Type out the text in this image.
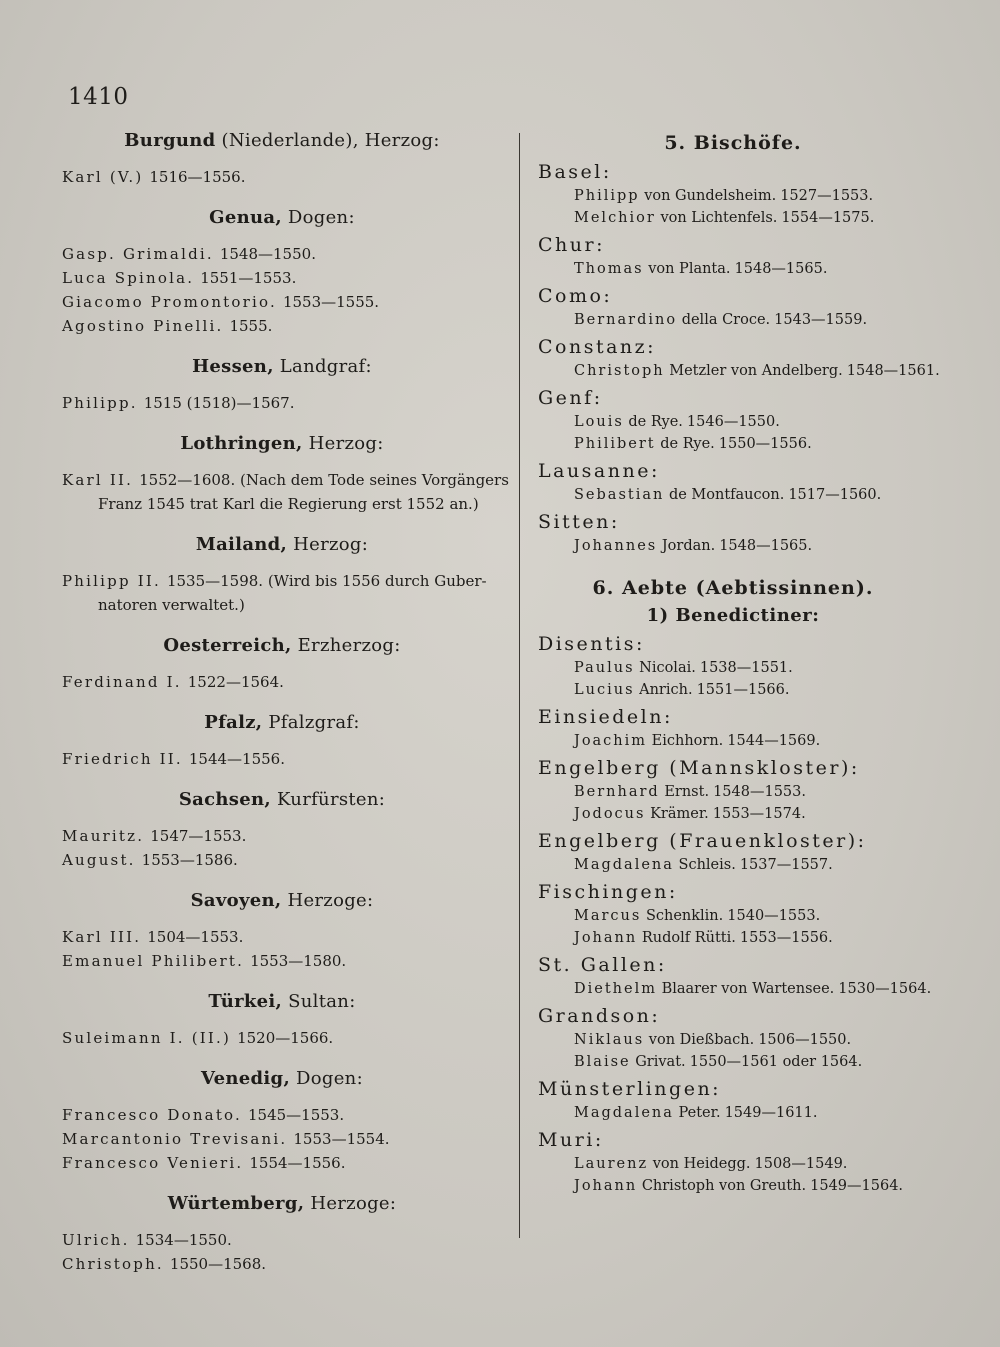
1410
Burgund (Niederlande), Herzog:
Karl (V.) 1516—1556.
Genua, Dogen:
Gasp. Grimaldi. 1548—1550.
Luca Spinola. 1551—1553.
Giacomo Promontorio. 1553—1555.
Agostino Pinelli. 1555.
Hessen, Landgraf:
Philipp. 1515 (1518)—1567.
Lothringen, Herzog:
Karl II. 1552—1608. (Nach dem Tode seines Vorgängers
Franz 1545 trat Karl die Regierung erst 1552 an.)
Mailand, Herzog:
Philipp II. 1535—1598. (Wird bis 1556 durch Guber-
natoren verwaltet.)
Oesterreich, Erzherzog:
Ferdinand I. 1522—1564.
Pfalz, Pfalzgraf:
Friedrich II. 1544—1556.
Sachsen, Kurfürsten:
Mauritz. 1547—1553.
August. 1553—1586.
Savoyen, Herzoge:
Karl III. 1504—1553.
Emanuel Philibert. 1553—1580.
Türkei, Sultan:
Suleimann I. (II.) 1520—1566.
Venedig, Dogen:
Francesco Donato. 1545—1553.
Marcantonio Trevisani. 1553—1554.
Francesco Venieri. 1554—1556.
Würtemberg, Herzoge:
Ulrich. 1534—1550.
Christoph. 1550—1568.
5. Bischöfe.
Basel:
Philipp von Gundelsheim. 1527—1553.
Melchior von Lichtenfels. 1554—1575.
Chur:
Thomas von Planta. 1548—1565.
Como:
Bernardino della Croce. 1543—1559.
Constanz:
Christoph Metzler von Andelberg. 1548—1561.
Genf:
Louis de Rye. 1546—1550.
Philibert de Rye. 1550—1556.
Lausanne:
Sebastian de Montfaucon. 1517—1560.
Sitten:
Johannes Jordan. 1548—1565.
6. Aebte (Aebtissinnen).
1) Benedictiner:
Disentis:
Paulus Nicolai. 1538—1551.
Lucius Anrich. 1551—1566.
Einsiedeln:
Joachim Eichhorn. 1544—1569.
Engelberg (Mannskloster):
Bernhard Ernst. 1548—1553.
Jodocus Krämer. 1553—1574.
Engelberg (Frauenkloster):
Magdalena Schleis. 1537—1557.
Fischingen:
Marcus Schenklin. 1540—1553.
Johann Rudolf Rütti. 1553—1556.
St. Gallen:
Diethelm Blaarer von Wartensee. 1530—1564.
Grandson:
Niklaus von Dießbach. 1506—1550.
Blaise Grivat. 1550—1561 oder 1564.
Münsterlingen:
Magdalena Peter. 1549—1611.
Muri:
Laurenz von Heidegg. 1508—1549.
Johann Christoph von Greuth. 1549—1564.
